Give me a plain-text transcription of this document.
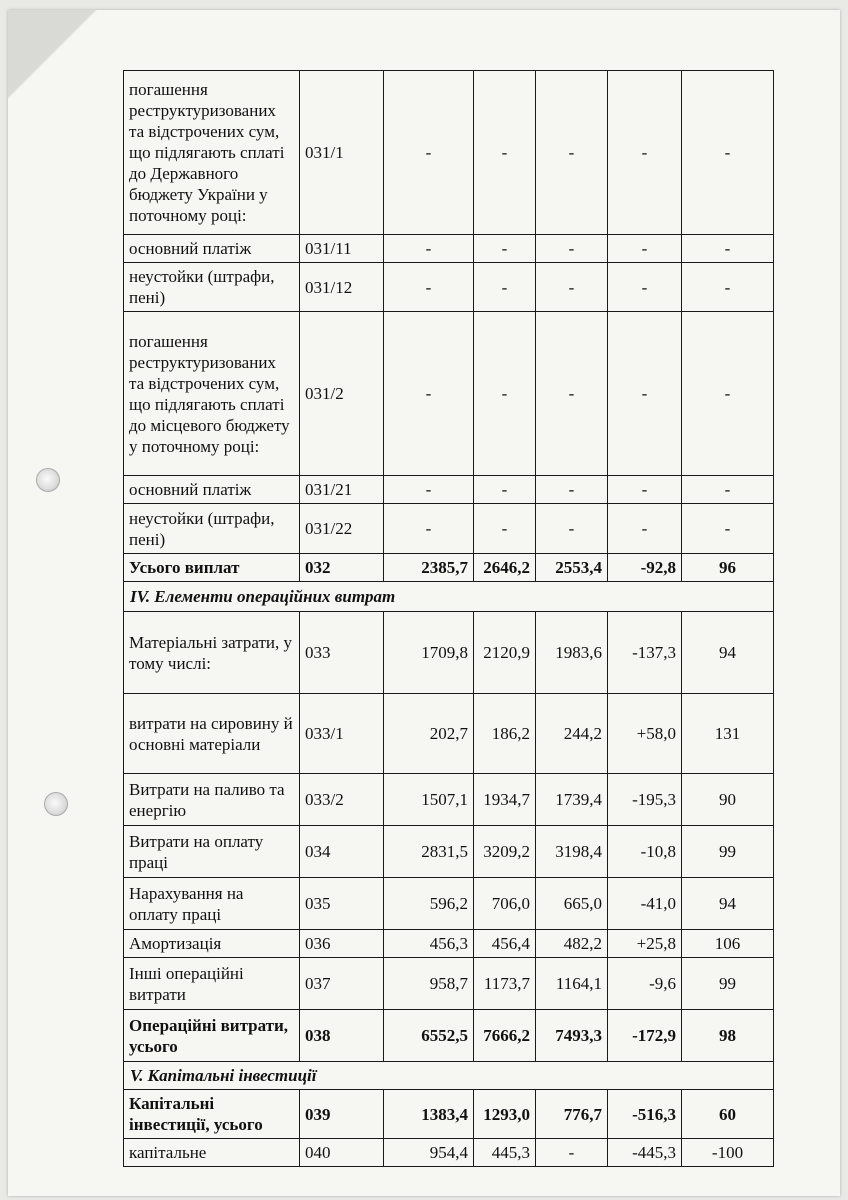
погашення реструктуризованих та відстрочених сум, що підлягають сплаті до Державного бюджету України у поточному році:	031/1	-	-	-	-	-
основний платіж	031/11	-	-	-	-	-
неустойки (штрафи, пені)	031/12	-	-	-	-	-
погашення реструктуризованих та відстрочених сум, що підлягають сплаті до місцевого бюджету у поточному році:	031/2	-	-	-	-	-
основний платіж	031/21	-	-	-	-	-
неустойки (штрафи, пені)	031/22	-	-	-	-	-
Усього виплат	032	2385,7	2646,2	2553,4	-92,8	96
IV. Елементи операційних витрат						
Матеріальні затрати, у тому числі:	033	1709,8	2120,9	1983,6	-137,3	94
витрати на сировину й основні матеріали	033/1	202,7	186,2	244,2	+58,0	131
Витрати на паливо та енергію	033/2	1507,1	1934,7	1739,4	-195,3	90
Витрати на оплату праці	034	2831,5	3209,2	3198,4	-10,8	99
Нарахування на оплату праці	035	596,2	706,0	665,0	-41,0	94
Амортизація	036	456,3	456,4	482,2	+25,8	106
Інші операційні витрати	037	958,7	1173,7	1164,1	-9,6	99
Операційні витрати, усього	038	6552,5	7666,2	7493,3	-172,9	98
V. Капітальні інвестиції						
Капітальні інвестиції, усього	039	1383,4	1293,0	776,7	-516,3	60
капітальне	040	954,4	445,3	-	-445,3	-100
